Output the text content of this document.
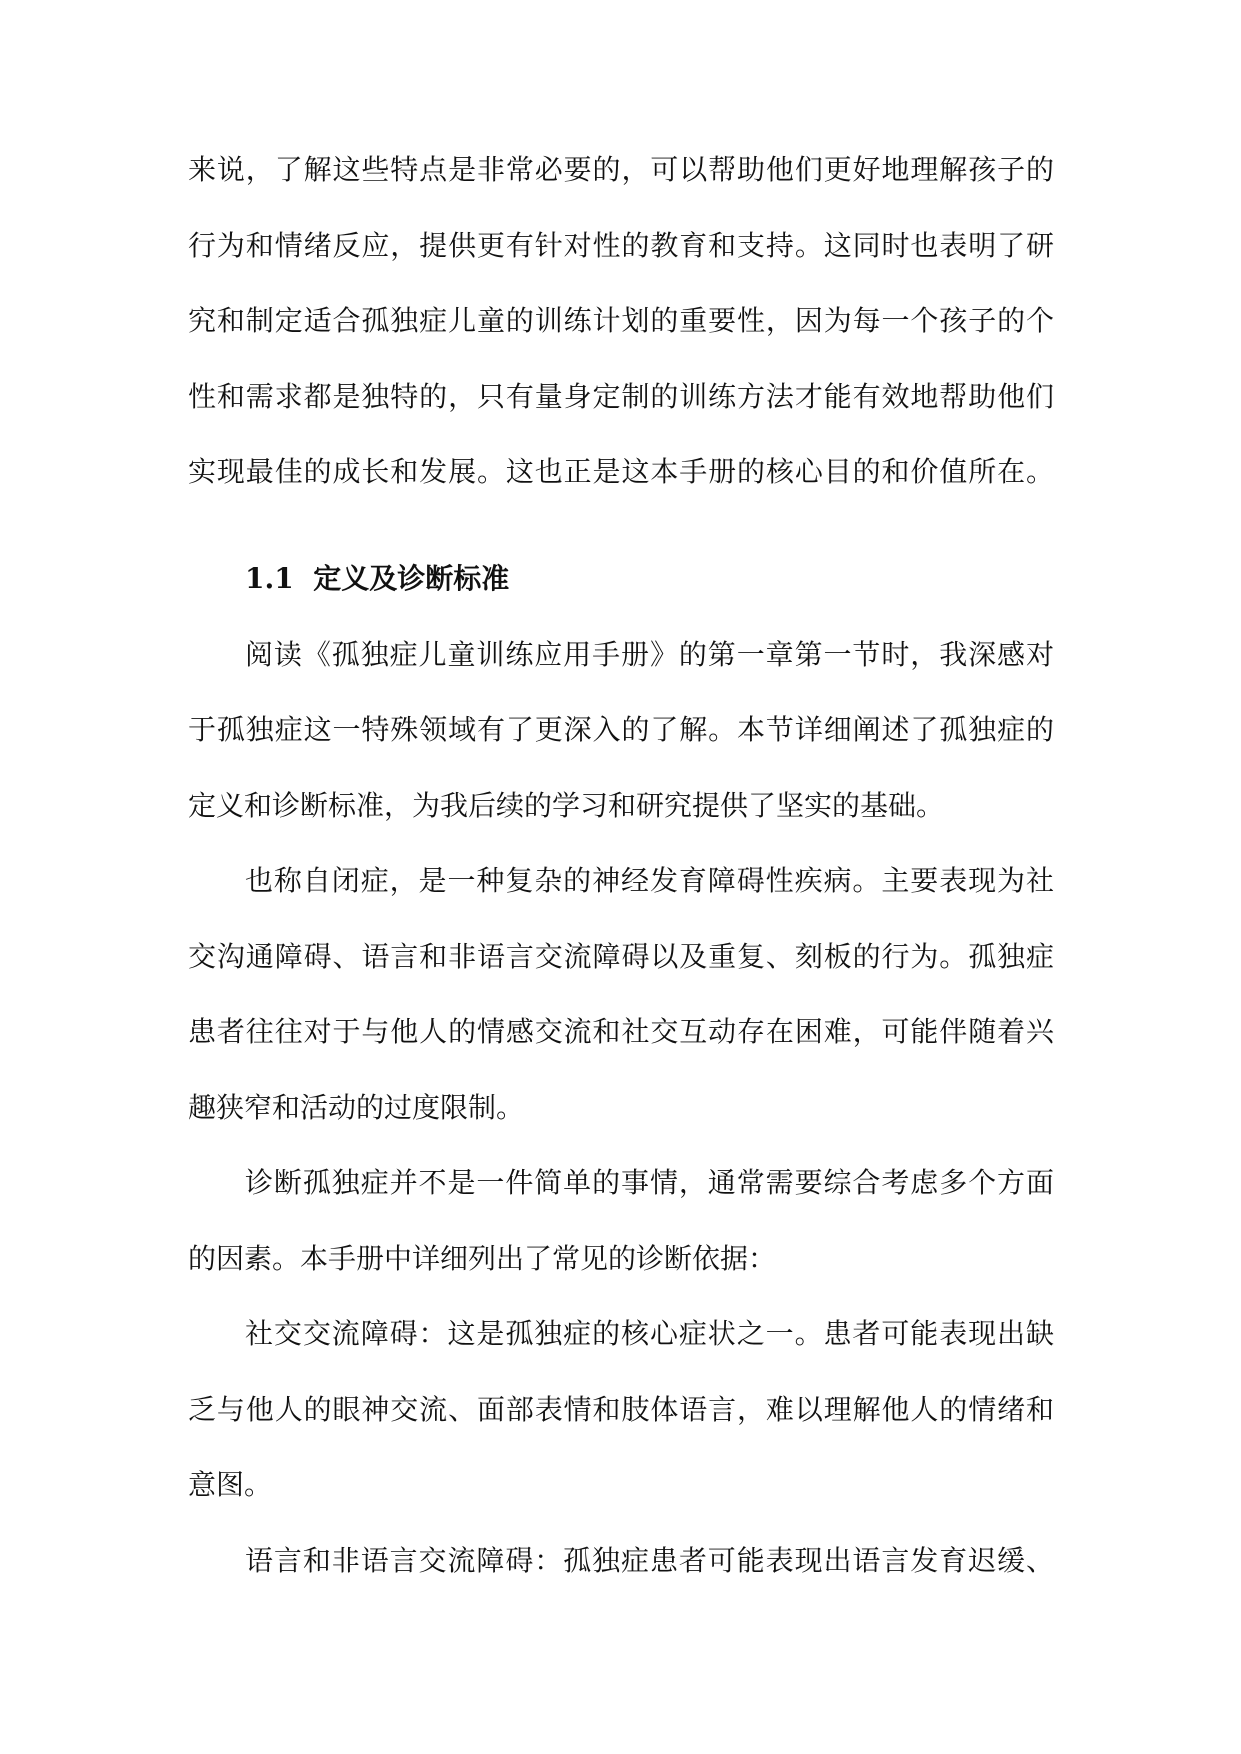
来说，了解这些特点是非常必要的，可以帮助他们更好地理解孩子的
行为和情绪反应，提供更有针对性的教育和支持。这同时也表明了研
究和制定适合孤独症儿童的训练计划的重要性，因为每一个孩子的个
性和需求都是独特的，只有量身定制的训练方法才能有效地帮助他们
实现最佳的成长和发展。这也正是这本手册的核心目的和价值所在。
1.1  定义及诊断标准
阅读《孤独症儿童训练应用手册》的第一章第一节时，我深感对
于孤独症这一特殊领域有了更深入的了解。本节详细阐述了孤独症的
定义和诊断标准，为我后续的学习和研究提供了坚实的基础。
也称自闭症，是一种复杂的神经发育障碍性疾病。主要表现为社
交沟通障碍、语言和非语言交流障碍以及重复、刻板的行为。孤独症
患者往往对于与他人的情感交流和社交互动存在困难，可能伴随着兴
趣狭窄和活动的过度限制。
诊断孤独症并不是一件简单的事情，通常需要综合考虑多个方面
的因素。本手册中详细列出了常见的诊断依据：
社交交流障碍：这是孤独症的核心症状之一。患者可能表现出缺
乏与他人的眼神交流、面部表情和肢体语言，难以理解他人的情绪和
意图。
语言和非语言交流障碍：孤独症患者可能表现出语言发育迟缓、
